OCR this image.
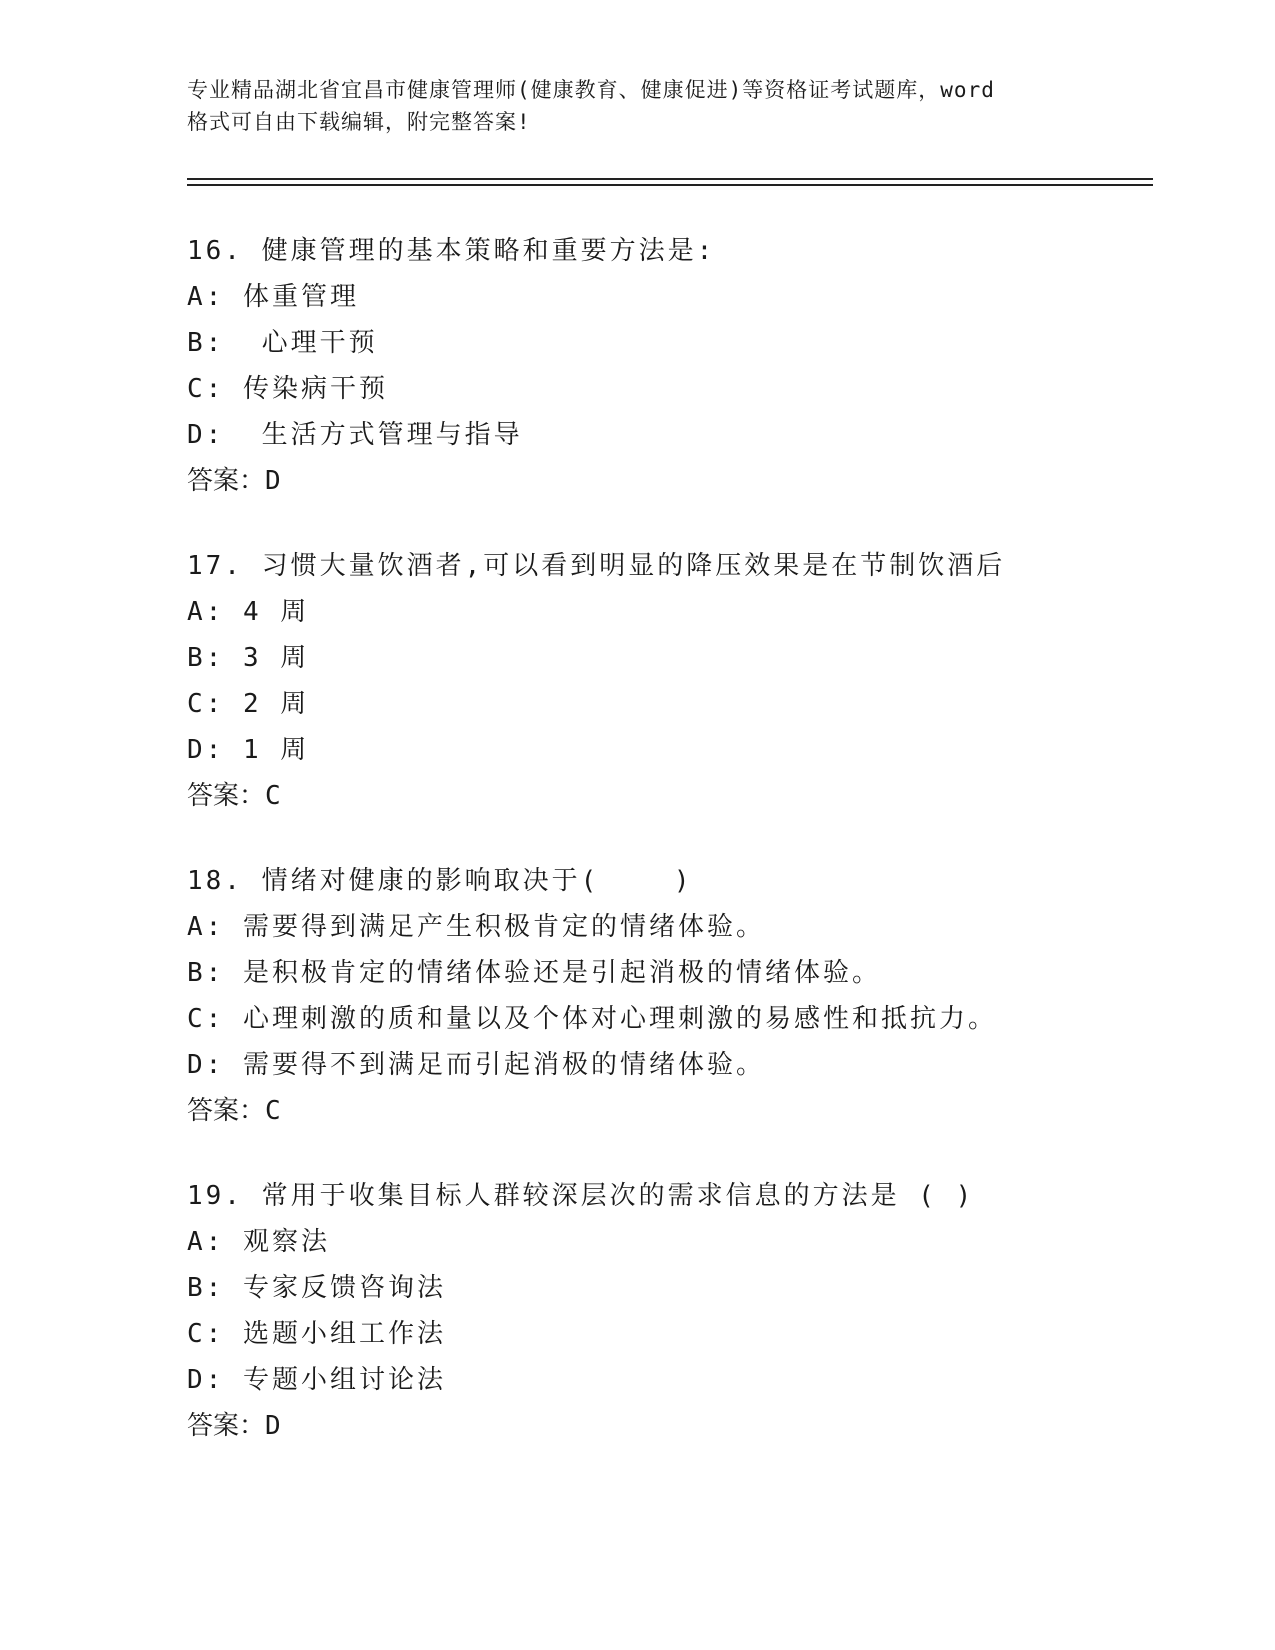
专业精品湖北省宜昌市健康管理师(健康教育、健康促进)等资格证考试题库，word
格式可自由下载编辑，附完整答案!
16. 健康管理的基本策略和重要方法是:
A: 体重管理
B:  心理干预
C: 传染病干预
D:  生活方式管理与指导
答案：D
17. 习惯大量饮酒者,可以看到明显的降压效果是在节制饮酒后
A: 4 周
B: 3 周
C: 2 周
D: 1 周
答案：C
18. 情绪对健康的影响取决于(    )
A: 需要得到满足产生积极肯定的情绪体验。
B: 是积极肯定的情绪体验还是引起消极的情绪体验。
C: 心理刺激的质和量以及个体对心理刺激的易感性和抵抗力。
D: 需要得不到满足而引起消极的情绪体验。
答案：C
19. 常用于收集目标人群较深层次的需求信息的方法是 ( )
A: 观察法
B: 专家反馈咨询法
C: 选题小组工作法
D: 专题小组讨论法
答案：D
